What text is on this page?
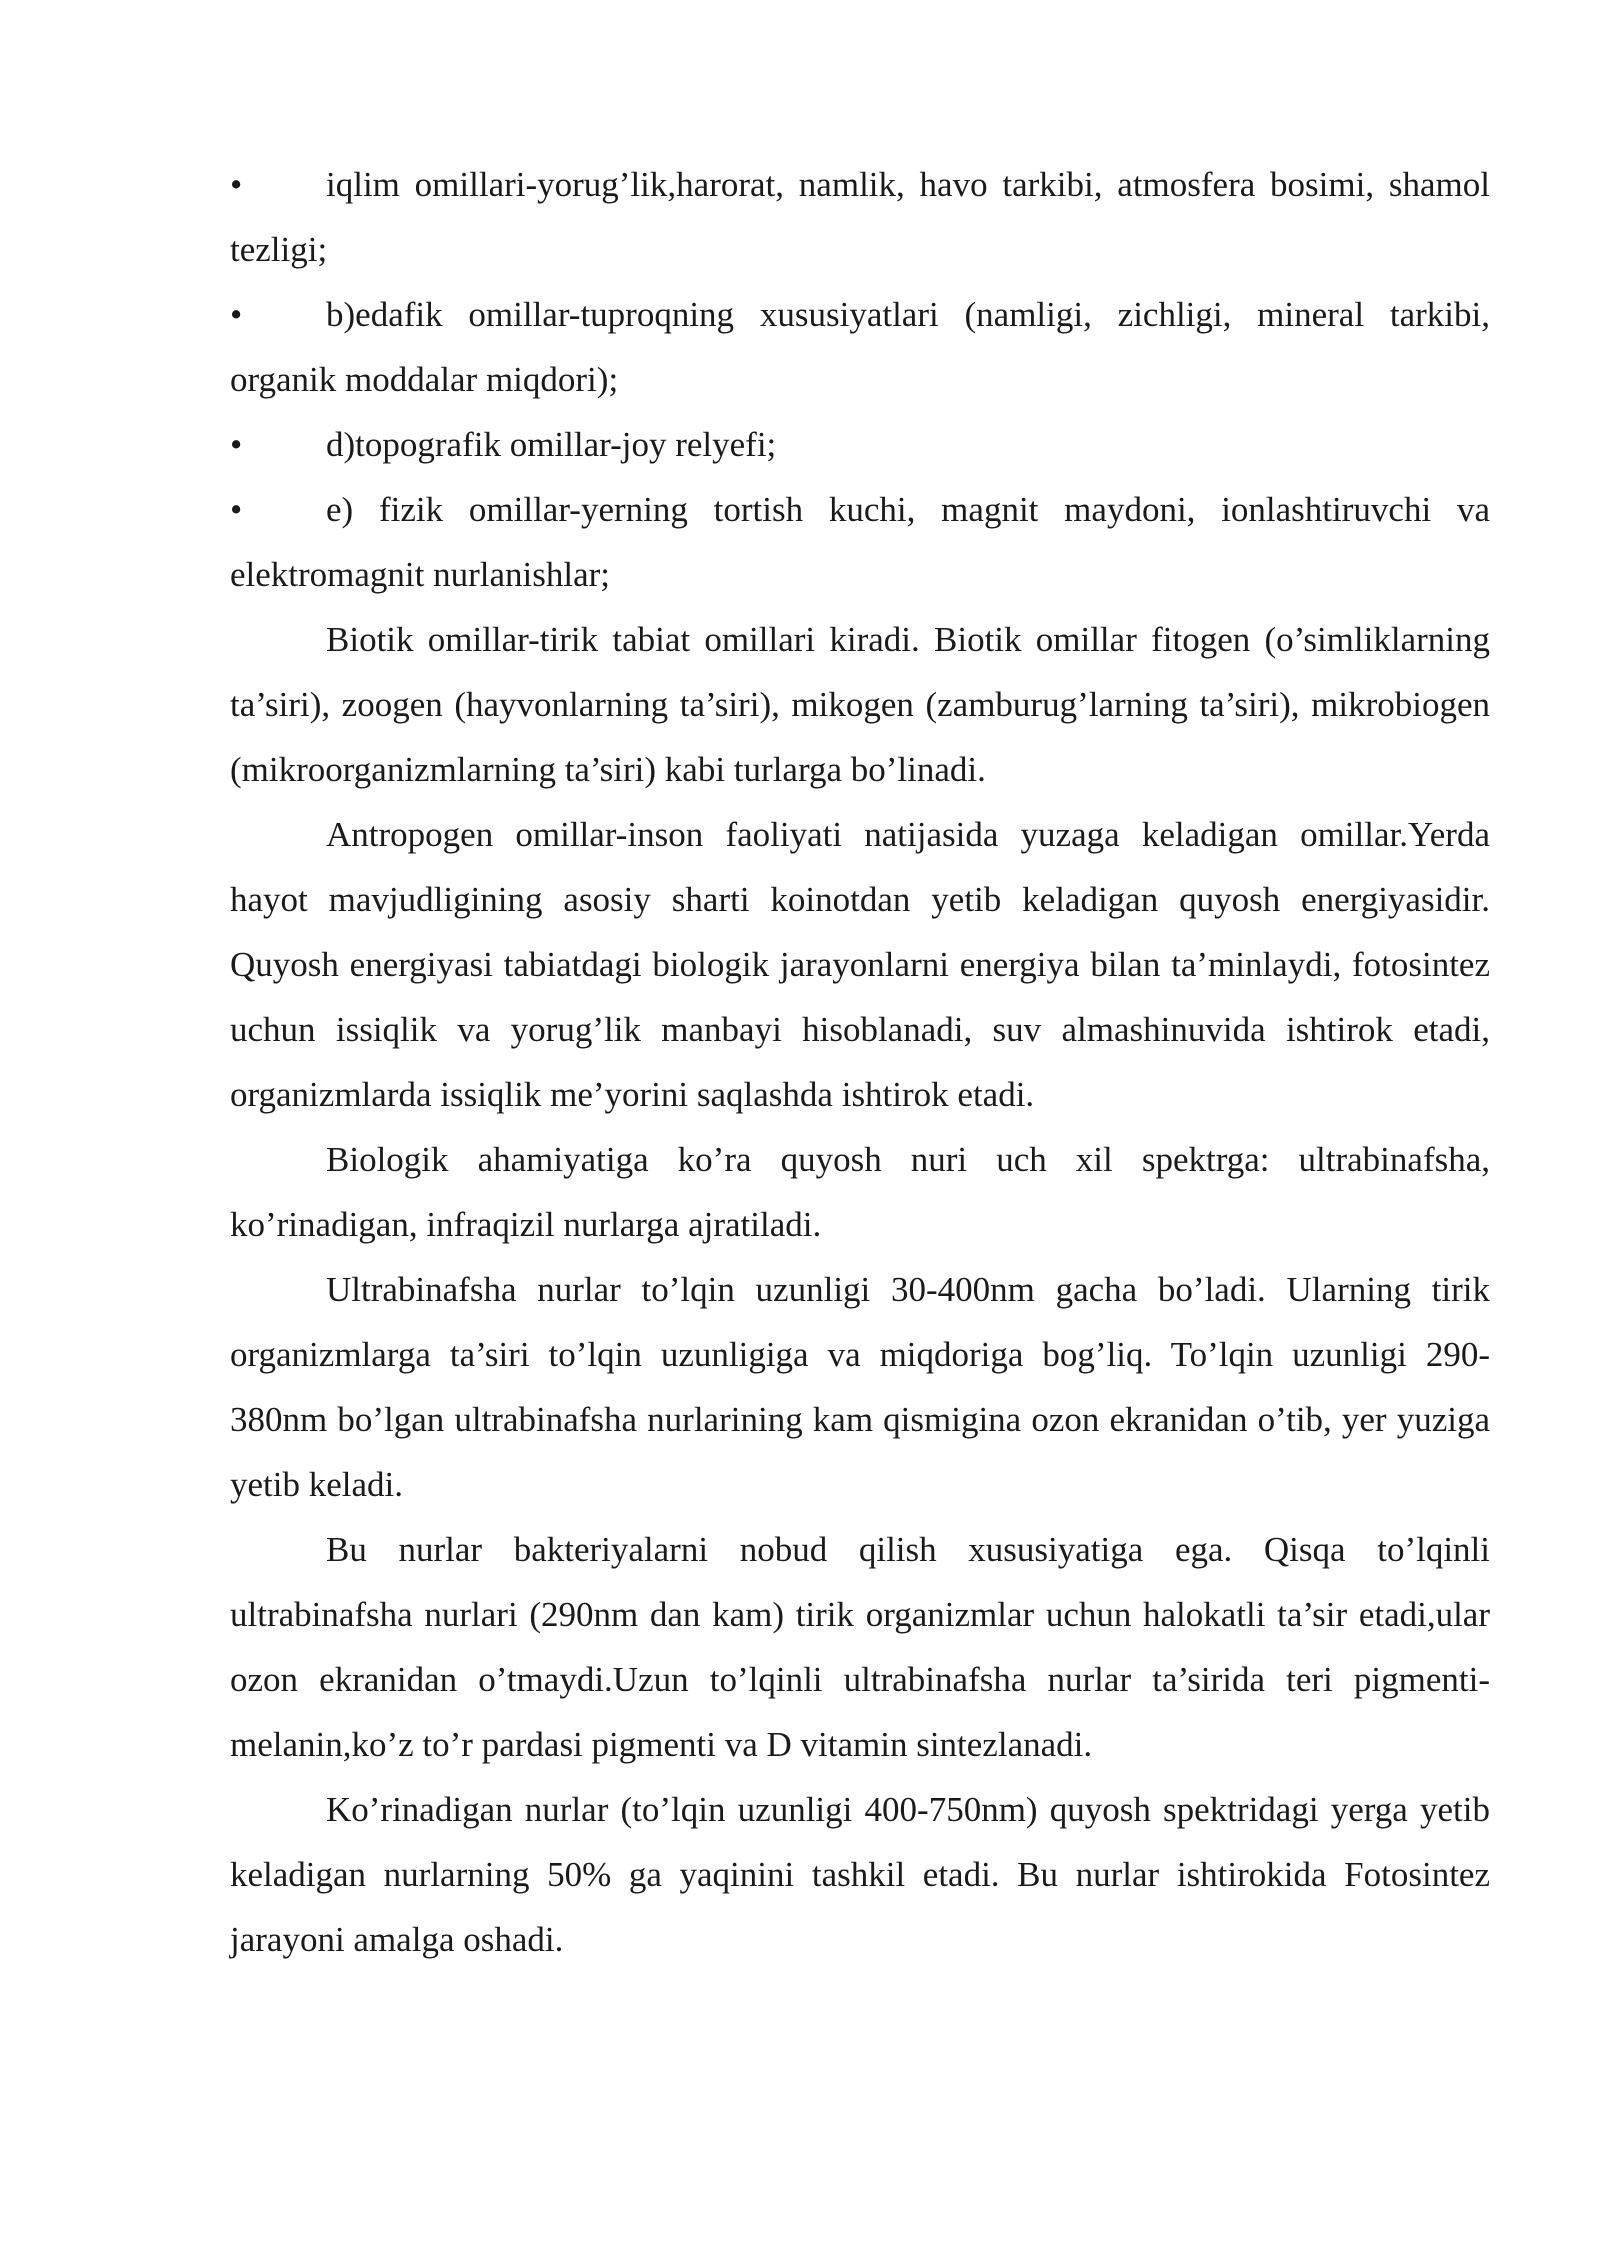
•	iqlim omillari-yorug’lik,harorat, namlik, havo tarkibi, atmosfera bosimi, shamol tezligi;

•	b)edafik omillar-tuproqning xususiyatlari (namligi, zichligi, mineral tarkibi, organik moddalar miqdori);

•	d)topografik omillar-joy relyefi;

•	e) fizik omillar-yerning tortish kuchi, magnit maydoni, ionlashtiruvchi va elektromagnit nurlanishlar;

Biotik omillar-tirik tabiat omillari kiradi. Biotik omillar fitogen (o’simliklarning ta’siri), zoogen (hayvonlarning ta’siri), mikogen (zamburug’larning ta’siri), mikrobiogen (mikroorganizmlarning ta’siri) kabi turlarga bo’linadi.

Antropogen omillar-inson faoliyati natijasida yuzaga keladigan omillar.Yerda hayot mavjudligining asosiy sharti koinotdan yetib keladigan quyosh energiyasidir. Quyosh energiyasi tabiatdagi biologik jarayonlarni energiya bilan ta’minlaydi, fotosintez uchun issiqlik va yorug’lik manbayi hisoblanadi, suv almashinuvida ishtirok etadi, organizmlarda issiqlik me’yorini saqlashda ishtirok etadi.

Biologik ahamiyatiga ko’ra quyosh nuri uch xil spektrga: ultrabinafsha, ko’rinadigan, infraqizil nurlarga ajratiladi.

Ultrabinafsha nurlar to’lqin uzunligi 30-400nm gacha bo’ladi. Ularning tirik organizmlarga ta’siri to’lqin uzunligiga va miqdoriga bog’liq. To’lqin uzunligi 290-380nm bo’lgan ultrabinafsha nurlarining kam qismigina ozon ekranidan o’tib, yer yuziga yetib keladi.

Bu nurlar bakteriyalarni nobud qilish xususiyatiga ega. Qisqa to’lqinli ultrabinafsha nurlari (290nm dan kam) tirik organizmlar uchun halokatli ta’sir etadi,ular ozon ekranidan o’tmaydi.Uzun to’lqinli ultrabinafsha nurlar ta’sirida teri pigmenti-melanin,ko’z to’r pardasi pigmenti va D vitamin sintezlanadi.

Ko’rinadigan nurlar (to’lqin uzunligi 400-750nm) quyosh spektridagi yerga yetib keladigan nurlarning 50% ga yaqinini tashkil etadi. Bu nurlar ishtirokida Fotosintez jarayoni amalga oshadi.
